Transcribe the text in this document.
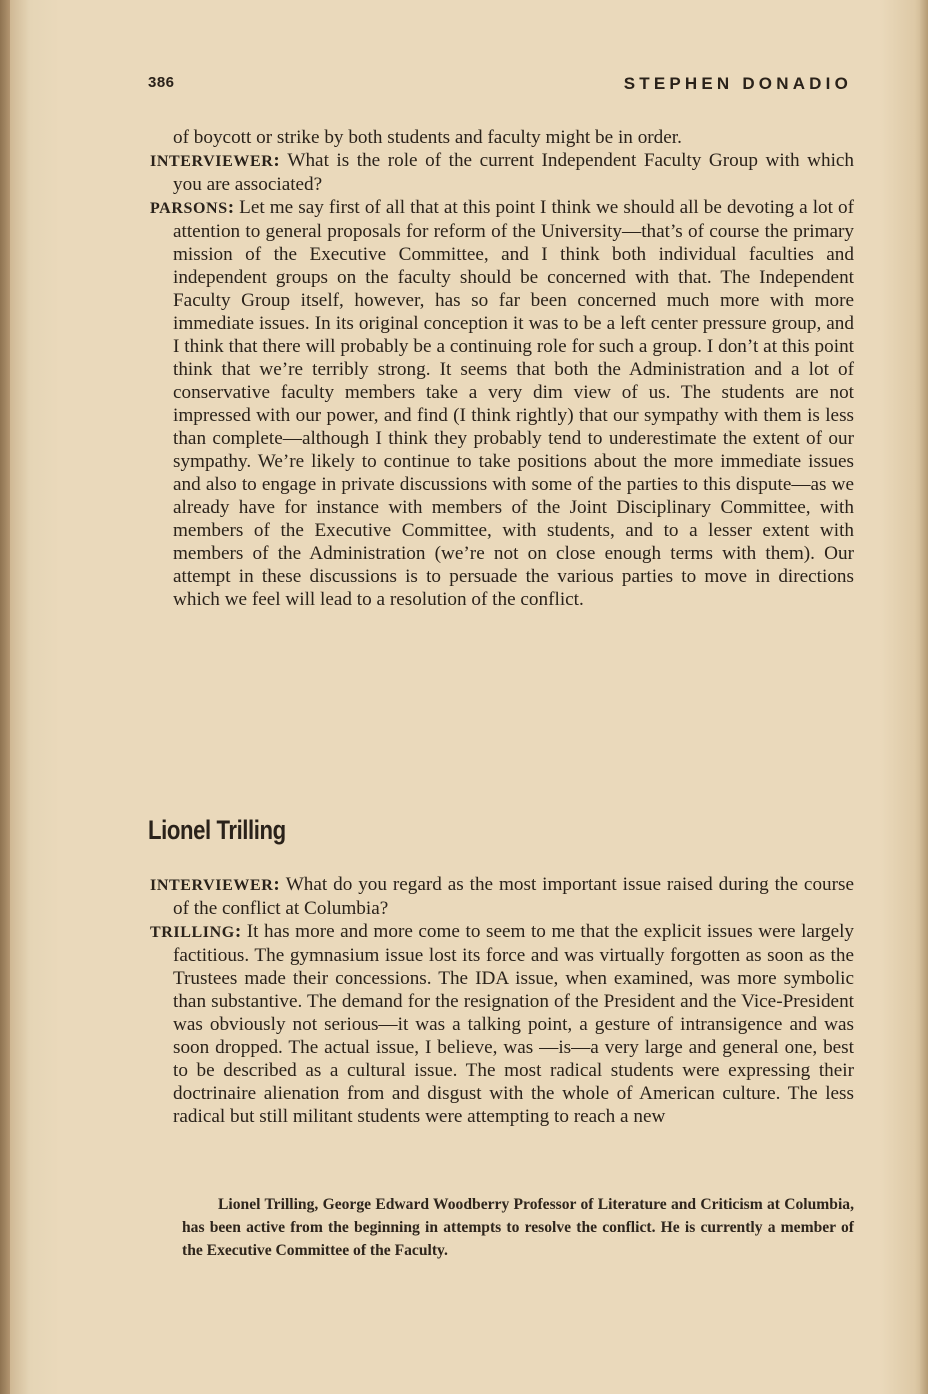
386	STEPHEN DONADIO

of boycott or strike by both students and faculty might be in order.

INTERVIEWER: What is the role of the current Independent Faculty Group with which you are associated?

PARSONS: Let me say first of all that at this point I think we should all be devoting a lot of attention to general proposals for reform of the University—that’s of course the primary mission of the Executive Committee, and I think both individual faculties and independent groups on the faculty should be concerned with that. The Independent Faculty Group itself, however, has so far been concerned much more with more immediate issues. In its original conception it was to be a left center pressure group, and I think that there will probably be a continuing role for such a group. I don’t at this point think that we’re terribly strong. It seems that both the Administration and a lot of conservative faculty members take a very dim view of us. The students are not impressed with our power, and find (I think rightly) that our sympathy with them is less than complete—although I think they probably tend to underestimate the extent of our sympathy. We’re likely to continue to take positions about the more immediate issues and also to engage in private discussions with some of the parties to this dispute—as we already have for instance with members of the Joint Disciplinary Committee, with members of the Executive Committee, with students, and to a lesser extent with members of the Administration (we’re not on close enough terms with them). Our attempt in these discussions is to persuade the various parties to move in directions which we feel will lead to a resolution of the conflict.

Lionel Trilling

INTERVIEWER: What do you regard as the most important issue raised during the course of the conflict at Columbia?

TRILLING: It has more and more come to seem to me that the explicit issues were largely factitious. The gymnasium issue lost its force and was virtually forgotten as soon as the Trustees made their concessions. The IDA issue, when examined, was more symbolic than substantive. The demand for the resignation of the President and the Vice-President was obviously not serious—it was a talking point, a gesture of intransigence and was soon dropped. The actual issue, I believe, was —is—a very large and general one, best to be described as a cultural issue. The most radical students were expressing their doctrinaire alienation from and disgust with the whole of American culture. The less radical but still militant students were attempting to reach a new

Lionel Trilling, George Edward Woodberry Professor of Literature and Criticism at Columbia, has been active from the beginning in attempts to resolve the conflict. He is currently a member of the Executive Committee of the Faculty.
